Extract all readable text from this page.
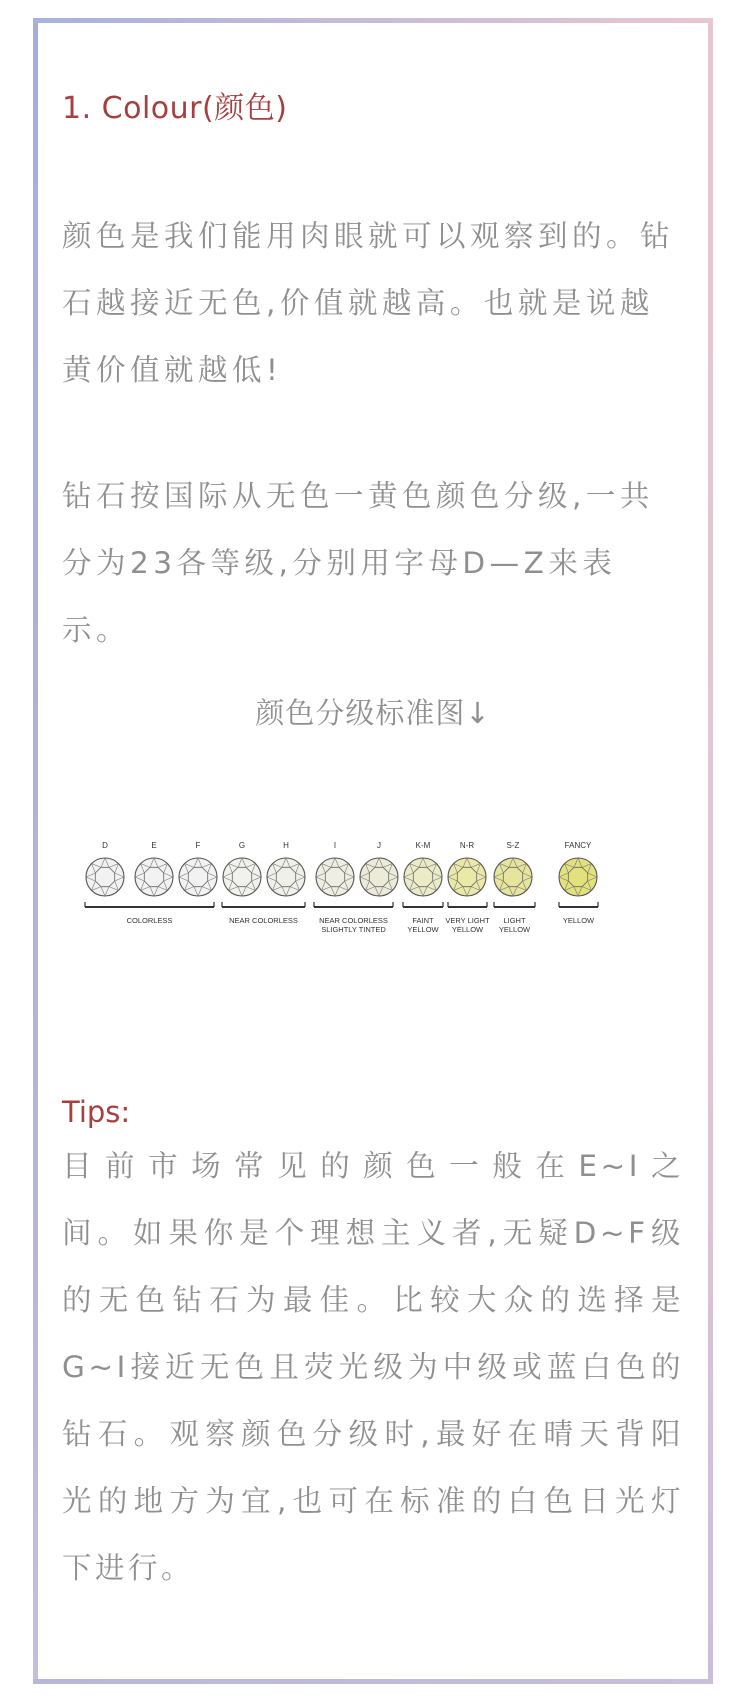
1. Colour(颜色)
颜色是我们能用肉眼就可以观察到的。钻石越接近无色,价值就越高。也就是说越黄价值就越低!
钻石按国际从无色一黄色颜色分级,一共分为23各等级,分别用字母D—Z来表示。
颜色分级标准图↓
Tips:
目前市场常见的颜色一般在E~I之
间。如果你是个理想主义者,无疑D~F级
的无色钻石为最佳。比较大众的选择是
G~I接近无色且荧光级为中级或蓝白色的
钻石。观察颜色分级时,最好在晴天背阳
光的地方为宜,也可在标准的白色日光灯
下进行。
D	E	F	G	H	I	J	K-M	N-R	S-Z	FANCY
COLORLESS	NEAR COLORLESS	NEAR COLORLESS
SLIGHTLY TINTED
FAINT
YELLOW
VERY LIGHT
YELLOW
LIGHT
YELLOW
YELLOW
